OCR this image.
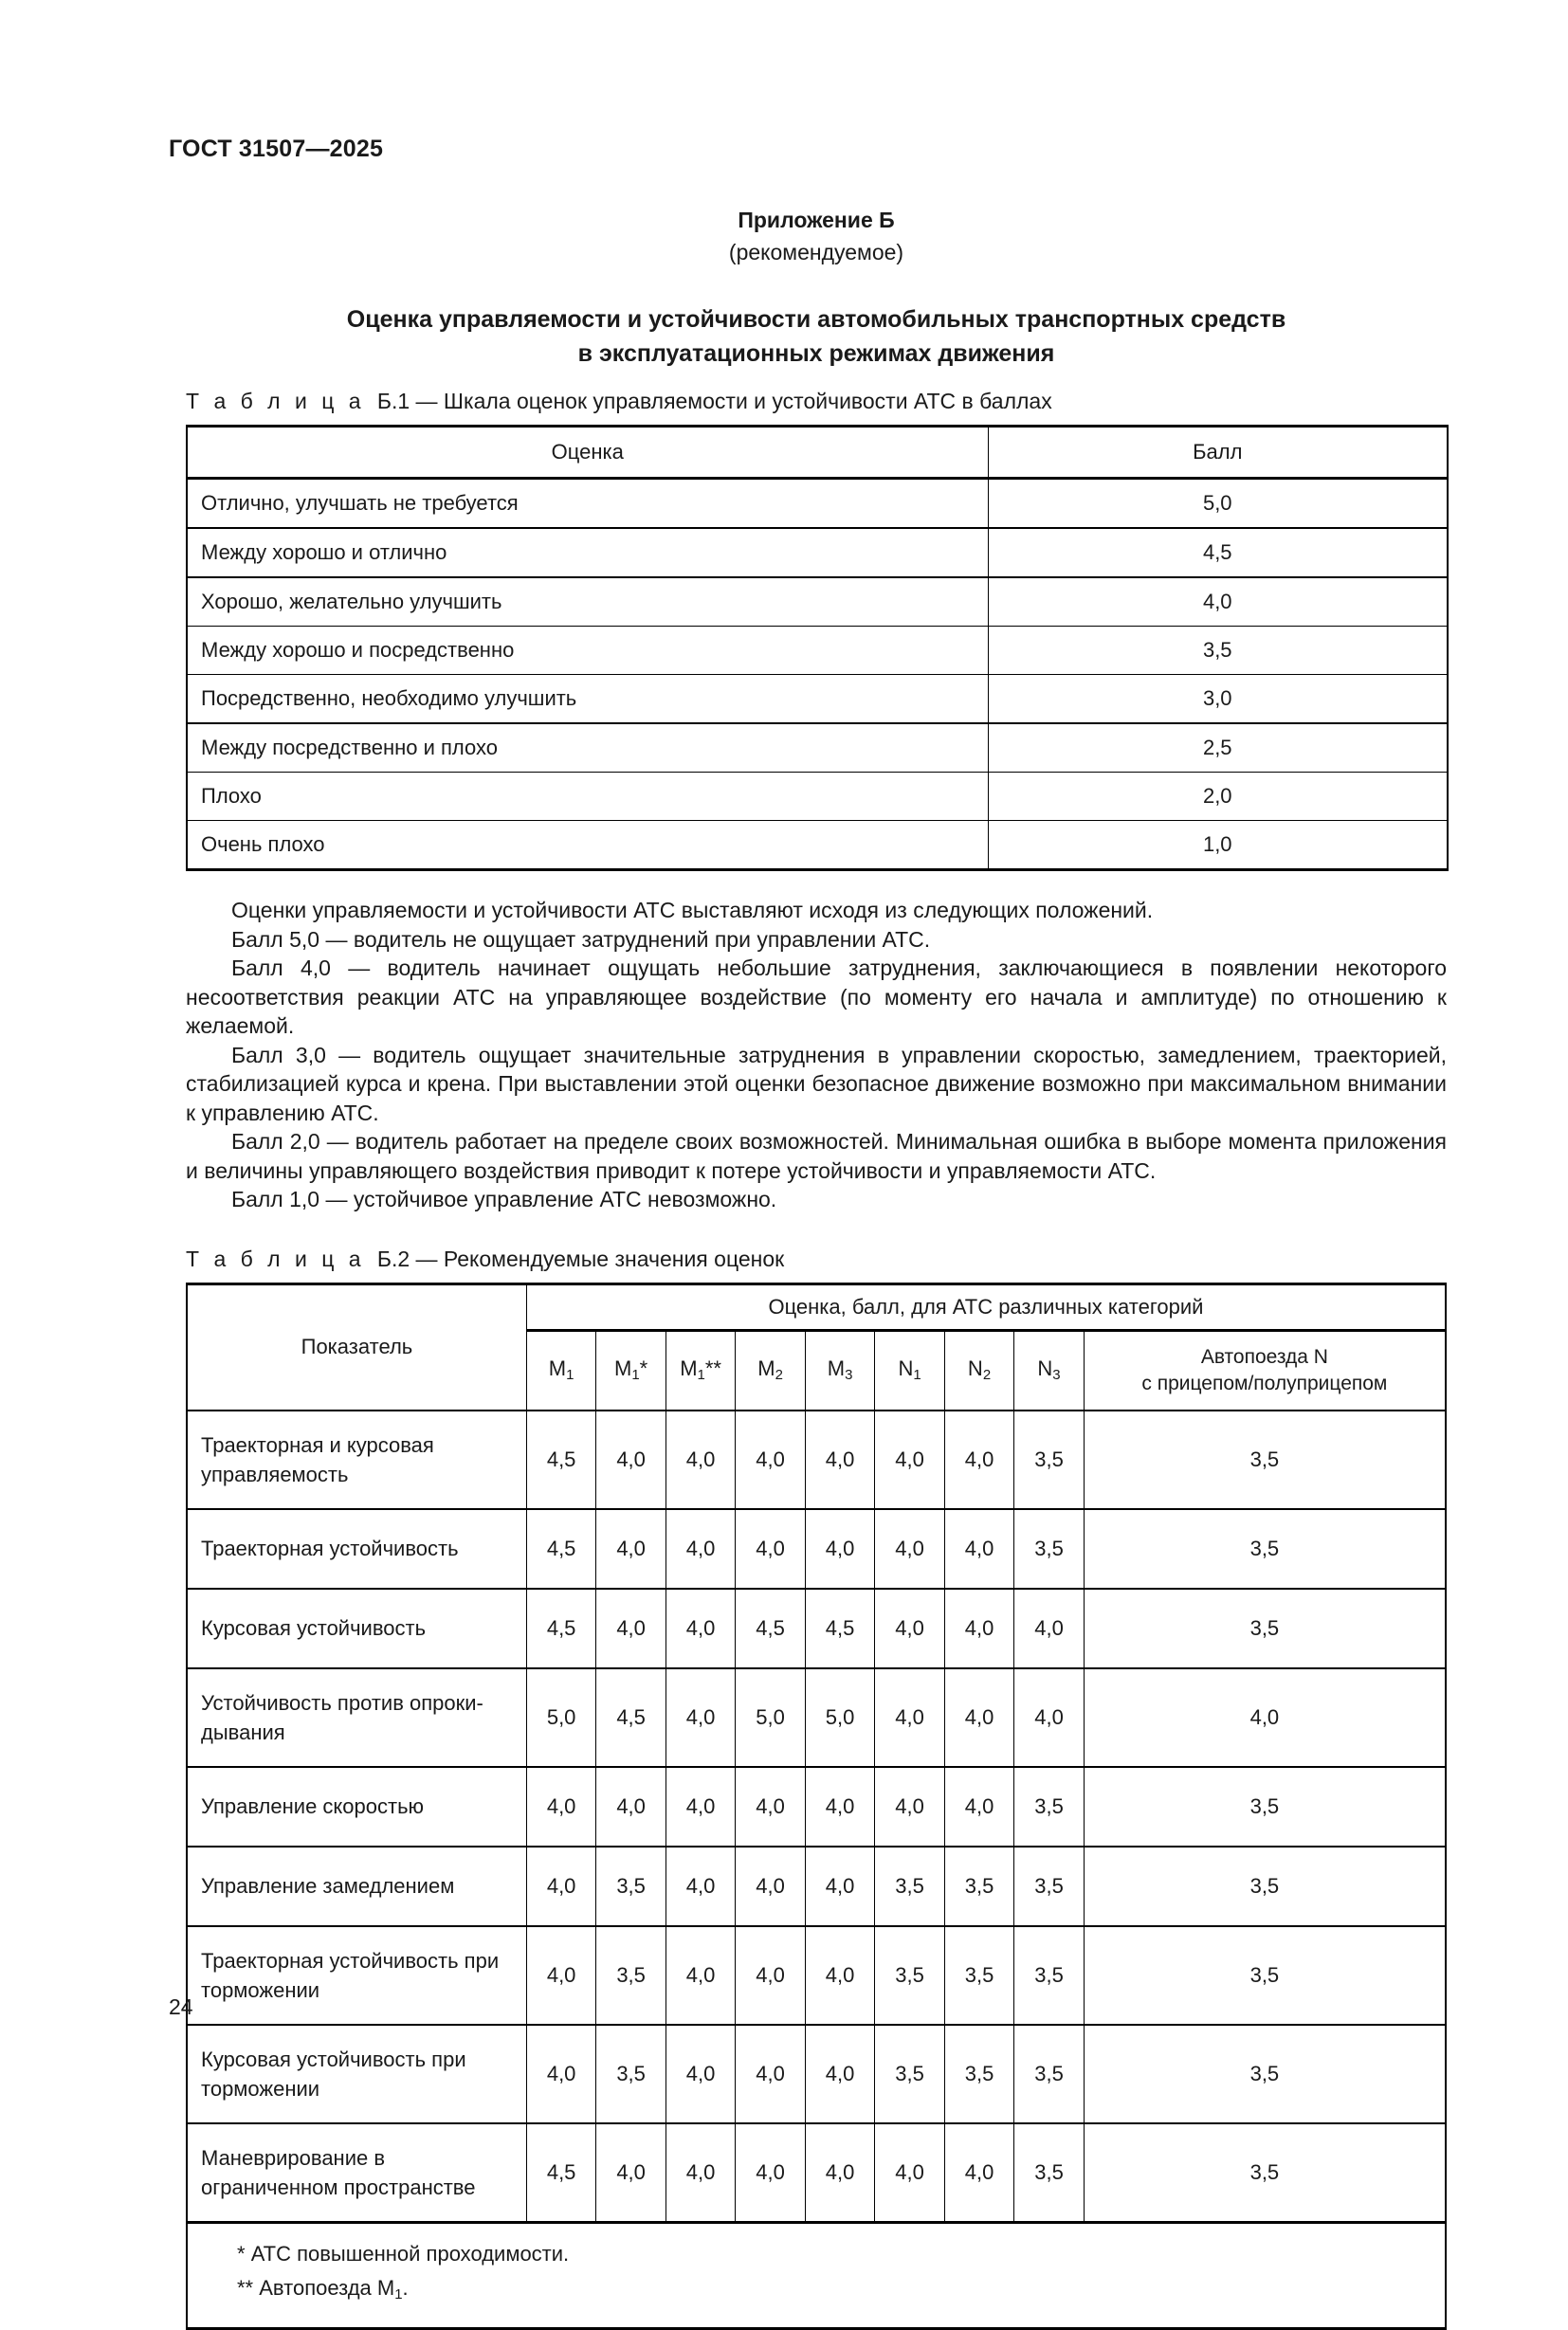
ГОСТ 31507—2025
Приложение Б
(рекомендуемое)
Оценка управляемости и устойчивости автомобильных транспортных средств
в эксплуатационных режимах движения
Т а б л и ц а Б.1 — Шкала оценок управляемости и устойчивости АТС в баллах
Оценка	Балл
Отлично, улучшать не требуется	5,0
Между хорошо и отлично	4,5
Хорошо, желательно улучшить	4,0
Между хорошо и посредственно	3,5
Посредственно, необходимо улучшить	3,0
Между посредственно и плохо	2,5
Плохо	2,0
Очень плохо	1,0

Оценки управляемости и устойчивости АТС выставляют исходя из следующих положений.

Балл 5,0 — водитель не ощущает затруднений при управлении АТС.

Балл 4,0 — водитель начинает ощущать небольшие затруднения, заключающиеся в появлении некоторого несоответствия реакции АТС на управляющее воздействие (по моменту его начала и амплитуде) по отношению к желаемой.

Балл 3,0 — водитель ощущает значительные затруднения в управлении скоростью, замедлением, траекторией, стабилизацией курса и крена. При выставлении этой оценки безопасное движение возможно при максимальном внимании к управлению АТС.

Балл 2,0 — водитель работает на пределе своих возможностей. Минимальная ошибка в выборе момента приложения и величины управляющего воздействия приводит к потере устойчивости и управляемости АТС.

Балл 1,0 — устойчивое управление АТС невозможно.

Т а б л и ц а Б.2 — Рекомендуемые значения оценок
Показатель	Оценка, балл, для АТС различных категорий								
	$M_1$	$M_1*$	$M_1**$	$M_2$	$M_3$	$N_1$	$N_2$	$N_3$	Автопоезда N
с прицепом/полуприцепом

Траекторная и курсовая управляемость	4,5	4,0	4,0	4,0	4,0	4,0	4,0	3,5	3,5
Траекторная устойчивость	4,5	4,0	4,0	4,0	4,0	4,0	4,0	3,5	3,5
Курсовая устойчивость	4,5	4,0	4,0	4,5	4,5	4,0	4,0	4,0	3,5
Устойчивость против опроки-дывания	5,0	4,5	4,0	5,0	5,0	4,0	4,0	4,0	4,0
Управление скоростью	4,0	4,0	4,0	4,0	4,0	4,0	4,0	3,5	3,5
Управление замедлением	4,0	3,5	4,0	4,0	4,0	3,5	3,5	3,5	3,5
Траекторная устойчивость при торможении	4,0	3,5	4,0	4,0	4,0	3,5	3,5	3,5	3,5
Курсовая устойчивость при торможении	4,0	3,5	4,0	4,0	4,0	3,5	3,5	3,5	3,5
Маневрирование в ограниченном пространстве	4,5	4,0	4,0	4,0	4,0	4,0	4,0	3,5	3,5

* АТС повышенной проходимости.
** Автопоезда $M_1$.									
24
